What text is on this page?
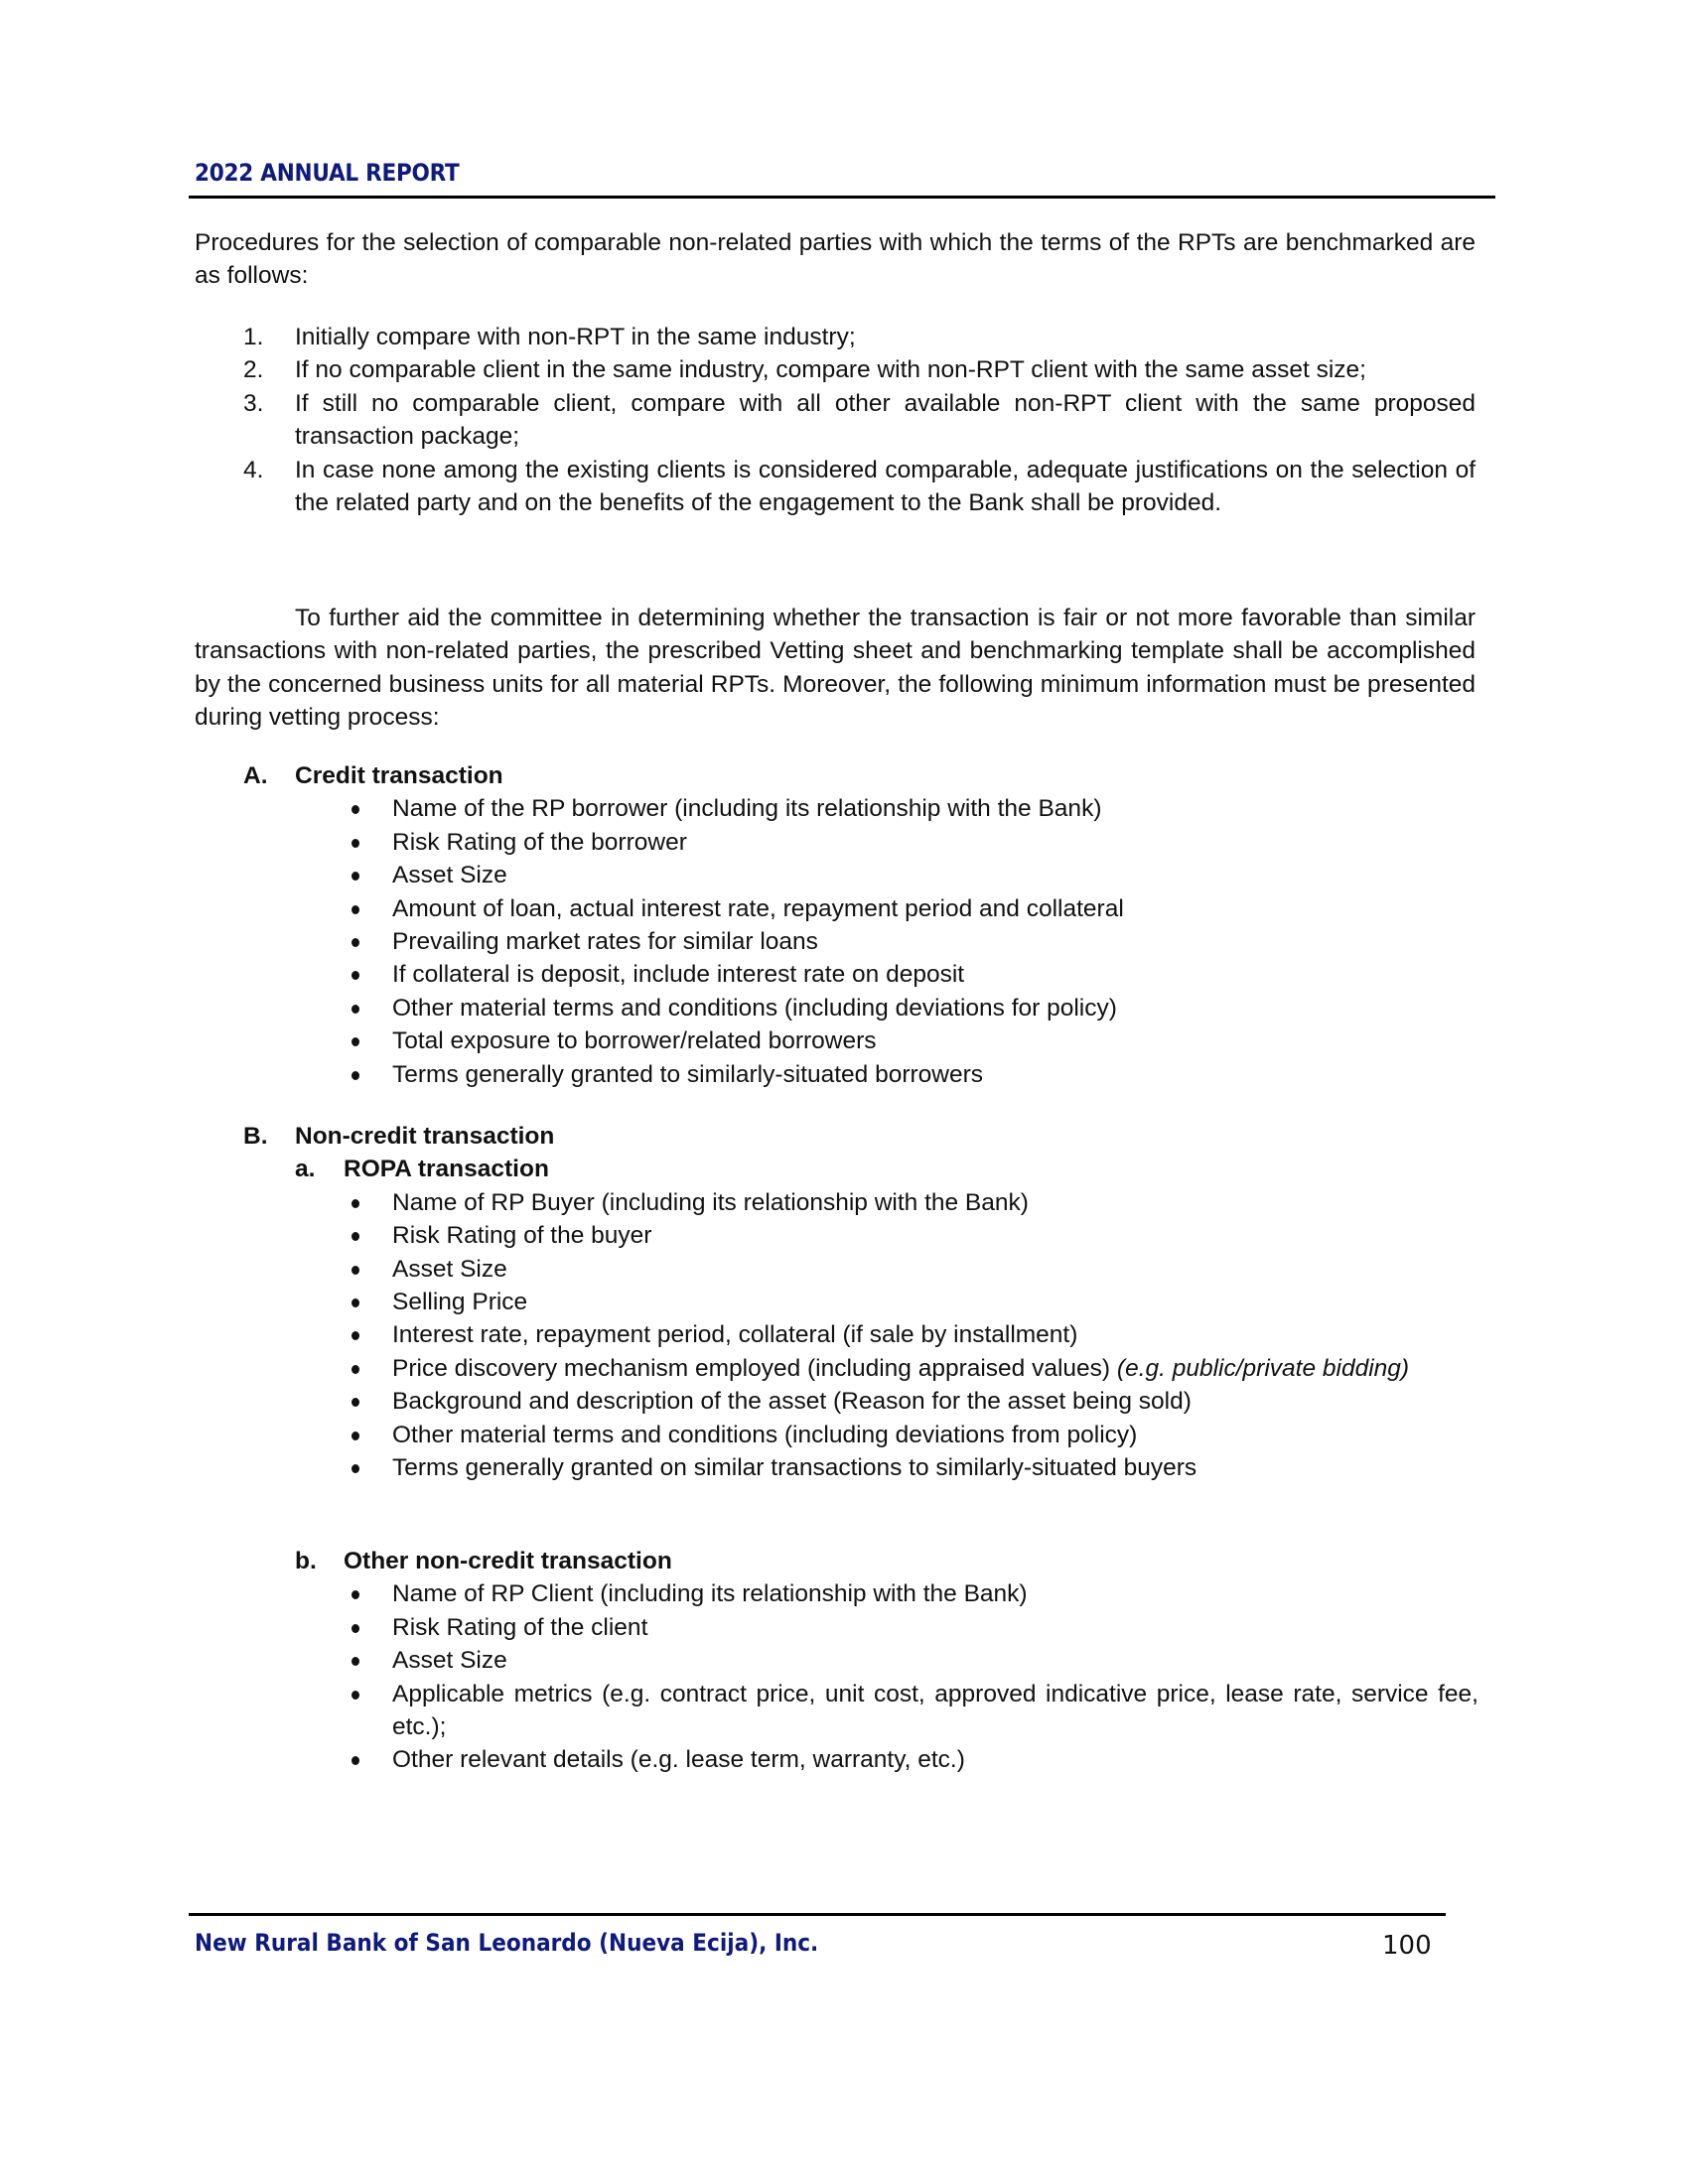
2022 ANNUAL REPORT
Procedures for the selection of comparable non-related parties with which the terms of the RPTs are benchmarked are as follows:
1. Initially compare with non-RPT in the same industry;
2. If no comparable client in the same industry, compare with non-RPT client with the same asset size;
3. If still no comparable client, compare with all other available non-RPT client with the same proposed transaction package;
4. In case none among the existing clients is considered comparable, adequate justifications on the selection of the related party and on the benefits of the engagement to the Bank shall be provided.
To further aid the committee in determining whether the transaction is fair or not more favorable than similar transactions with non-related parties, the prescribed Vetting sheet and benchmarking template shall be accomplished by the concerned business units for all material RPTs. Moreover, the following minimum information must be presented during vetting process:
A. Credit transaction
Name of the RP borrower (including its relationship with the Bank)
Risk Rating of the borrower
Asset Size
Amount of loan, actual interest rate, repayment period and collateral
Prevailing market rates for similar loans
If collateral is deposit, include interest rate on deposit
Other material terms and conditions (including deviations for policy)
Total exposure to borrower/related borrowers
Terms generally granted to similarly-situated borrowers
B. Non-credit transaction
a. ROPA transaction
Name of RP Buyer (including its relationship with the Bank)
Risk Rating of the buyer
Asset Size
Selling Price
Interest rate, repayment period, collateral (if sale by installment)
Price discovery mechanism employed (including appraised values) (e.g. public/private bidding)
Background and description of the asset (Reason for the asset being sold)
Other material terms and conditions (including deviations from policy)
Terms generally granted on similar transactions to similarly-situated buyers
b. Other non-credit transaction
Name of RP Client (including its relationship with the Bank)
Risk Rating of the client
Asset Size
Applicable metrics (e.g. contract price, unit cost, approved indicative price, lease rate, service fee, etc.);
Other relevant details (e.g. lease term, warranty, etc.)
New Rural Bank of San Leonardo (Nueva Ecija), Inc.	100
